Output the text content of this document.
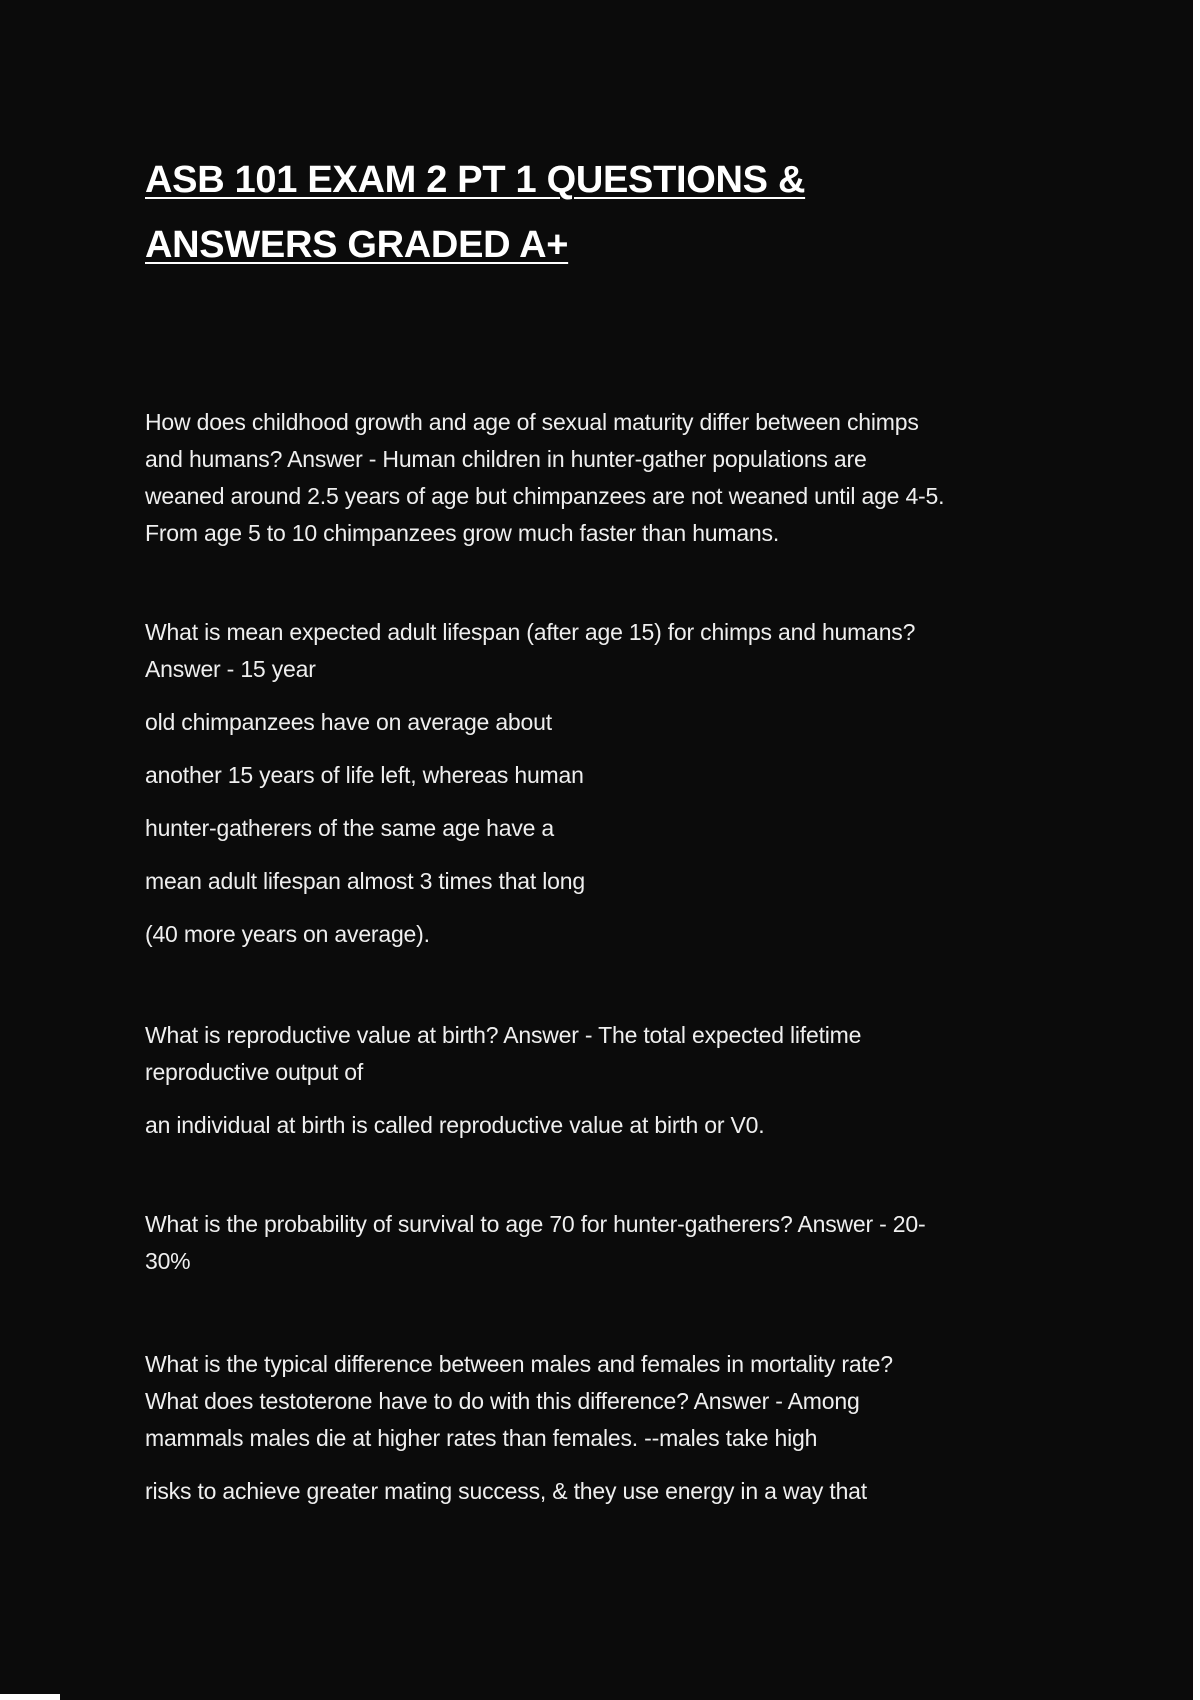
ASB 101 EXAM 2 PT 1 QUESTIONS &
ANSWERS GRADED A+

How does childhood growth and age of sexual maturity differ between chimps

and humans? Answer - Human children in hunter-gather populations are

weaned around 2.5 years of age but chimpanzees are not weaned until age 4-5.

From age 5 to 10 chimpanzees grow much faster than humans.

What is mean expected adult lifespan (after age 15) for chimps and humans?

Answer - 15 year

old chimpanzees have on average about

another 15 years of life left, whereas human

hunter-gatherers of the same age have a

mean adult lifespan almost 3 times that long

(40 more years on average).

What is reproductive value at birth? Answer - The total expected lifetime

reproductive output of

an individual at birth is called reproductive value at birth or V0.

What is the probability of survival to age 70 for hunter-gatherers? Answer - 20-

30%

What is the typical difference between males and females in mortality rate?

What does testoterone have to do with this difference? Answer - Among

mammals males die at higher rates than females. --males take high

risks to achieve greater mating success, & they use energy in a way that
